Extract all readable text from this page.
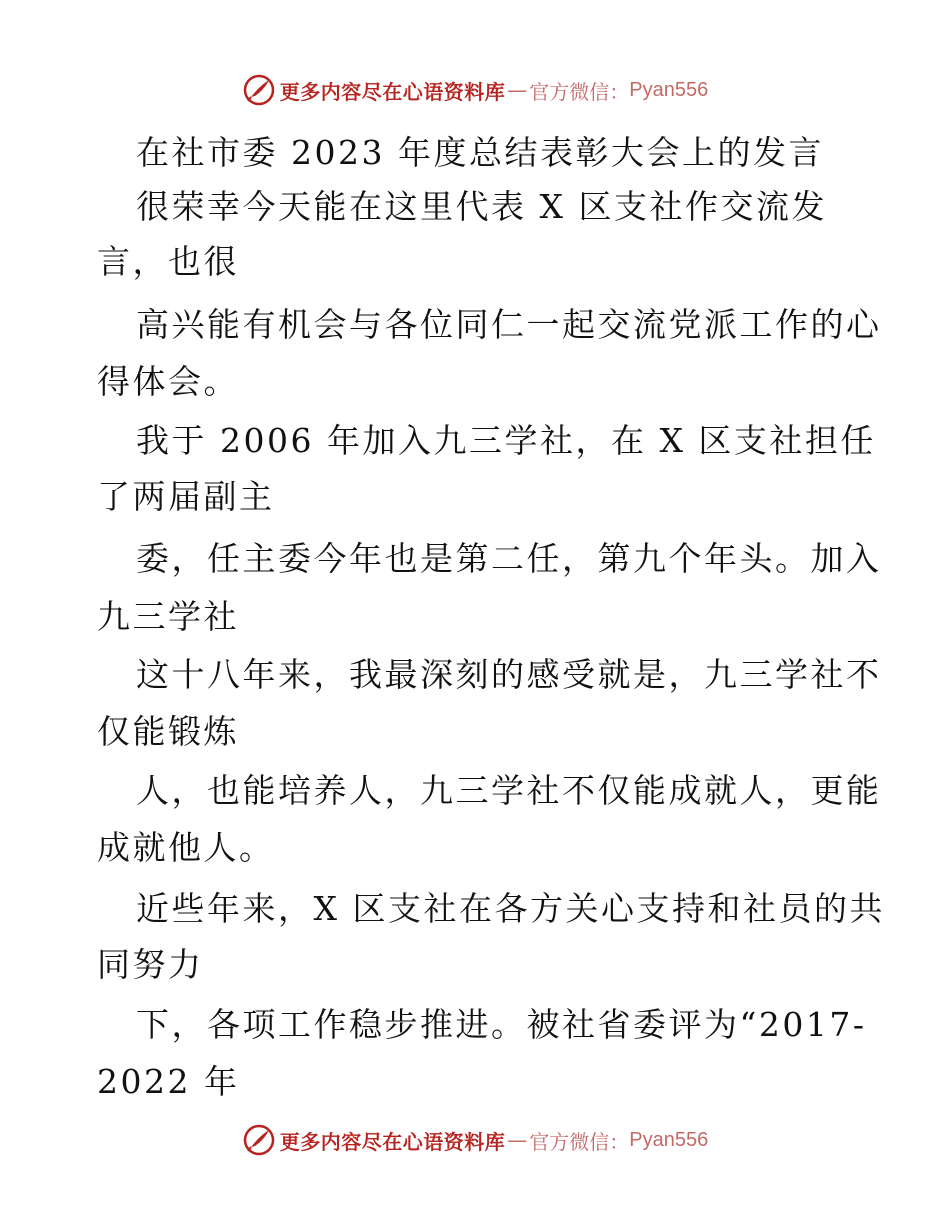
更多内容尽在心语资料库 — 官方微信： Pyan556
在社市委 2023 年度总结表彰大会上的发言
很荣幸今天能在这里代表 X 区支社作交流发
言，也很
高兴能有机会与各位同仁一起交流党派工作的心
得体会。
我于 2006 年加入九三学社，在 X 区支社担任
了两届副主
委，任主委今年也是第二任，第九个年头。加入
九三学社
这十八年来，我最深刻的感受就是，九三学社不
仅能锻炼
人，也能培养人，九三学社不仅能成就人，更能
成就他人。
近些年来，X 区支社在各方关心支持和社员的共
同努力
下，各项工作稳步推进。被社省委评为“2017-
2022 年
更多内容尽在心语资料库 — 官方微信： Pyan556
